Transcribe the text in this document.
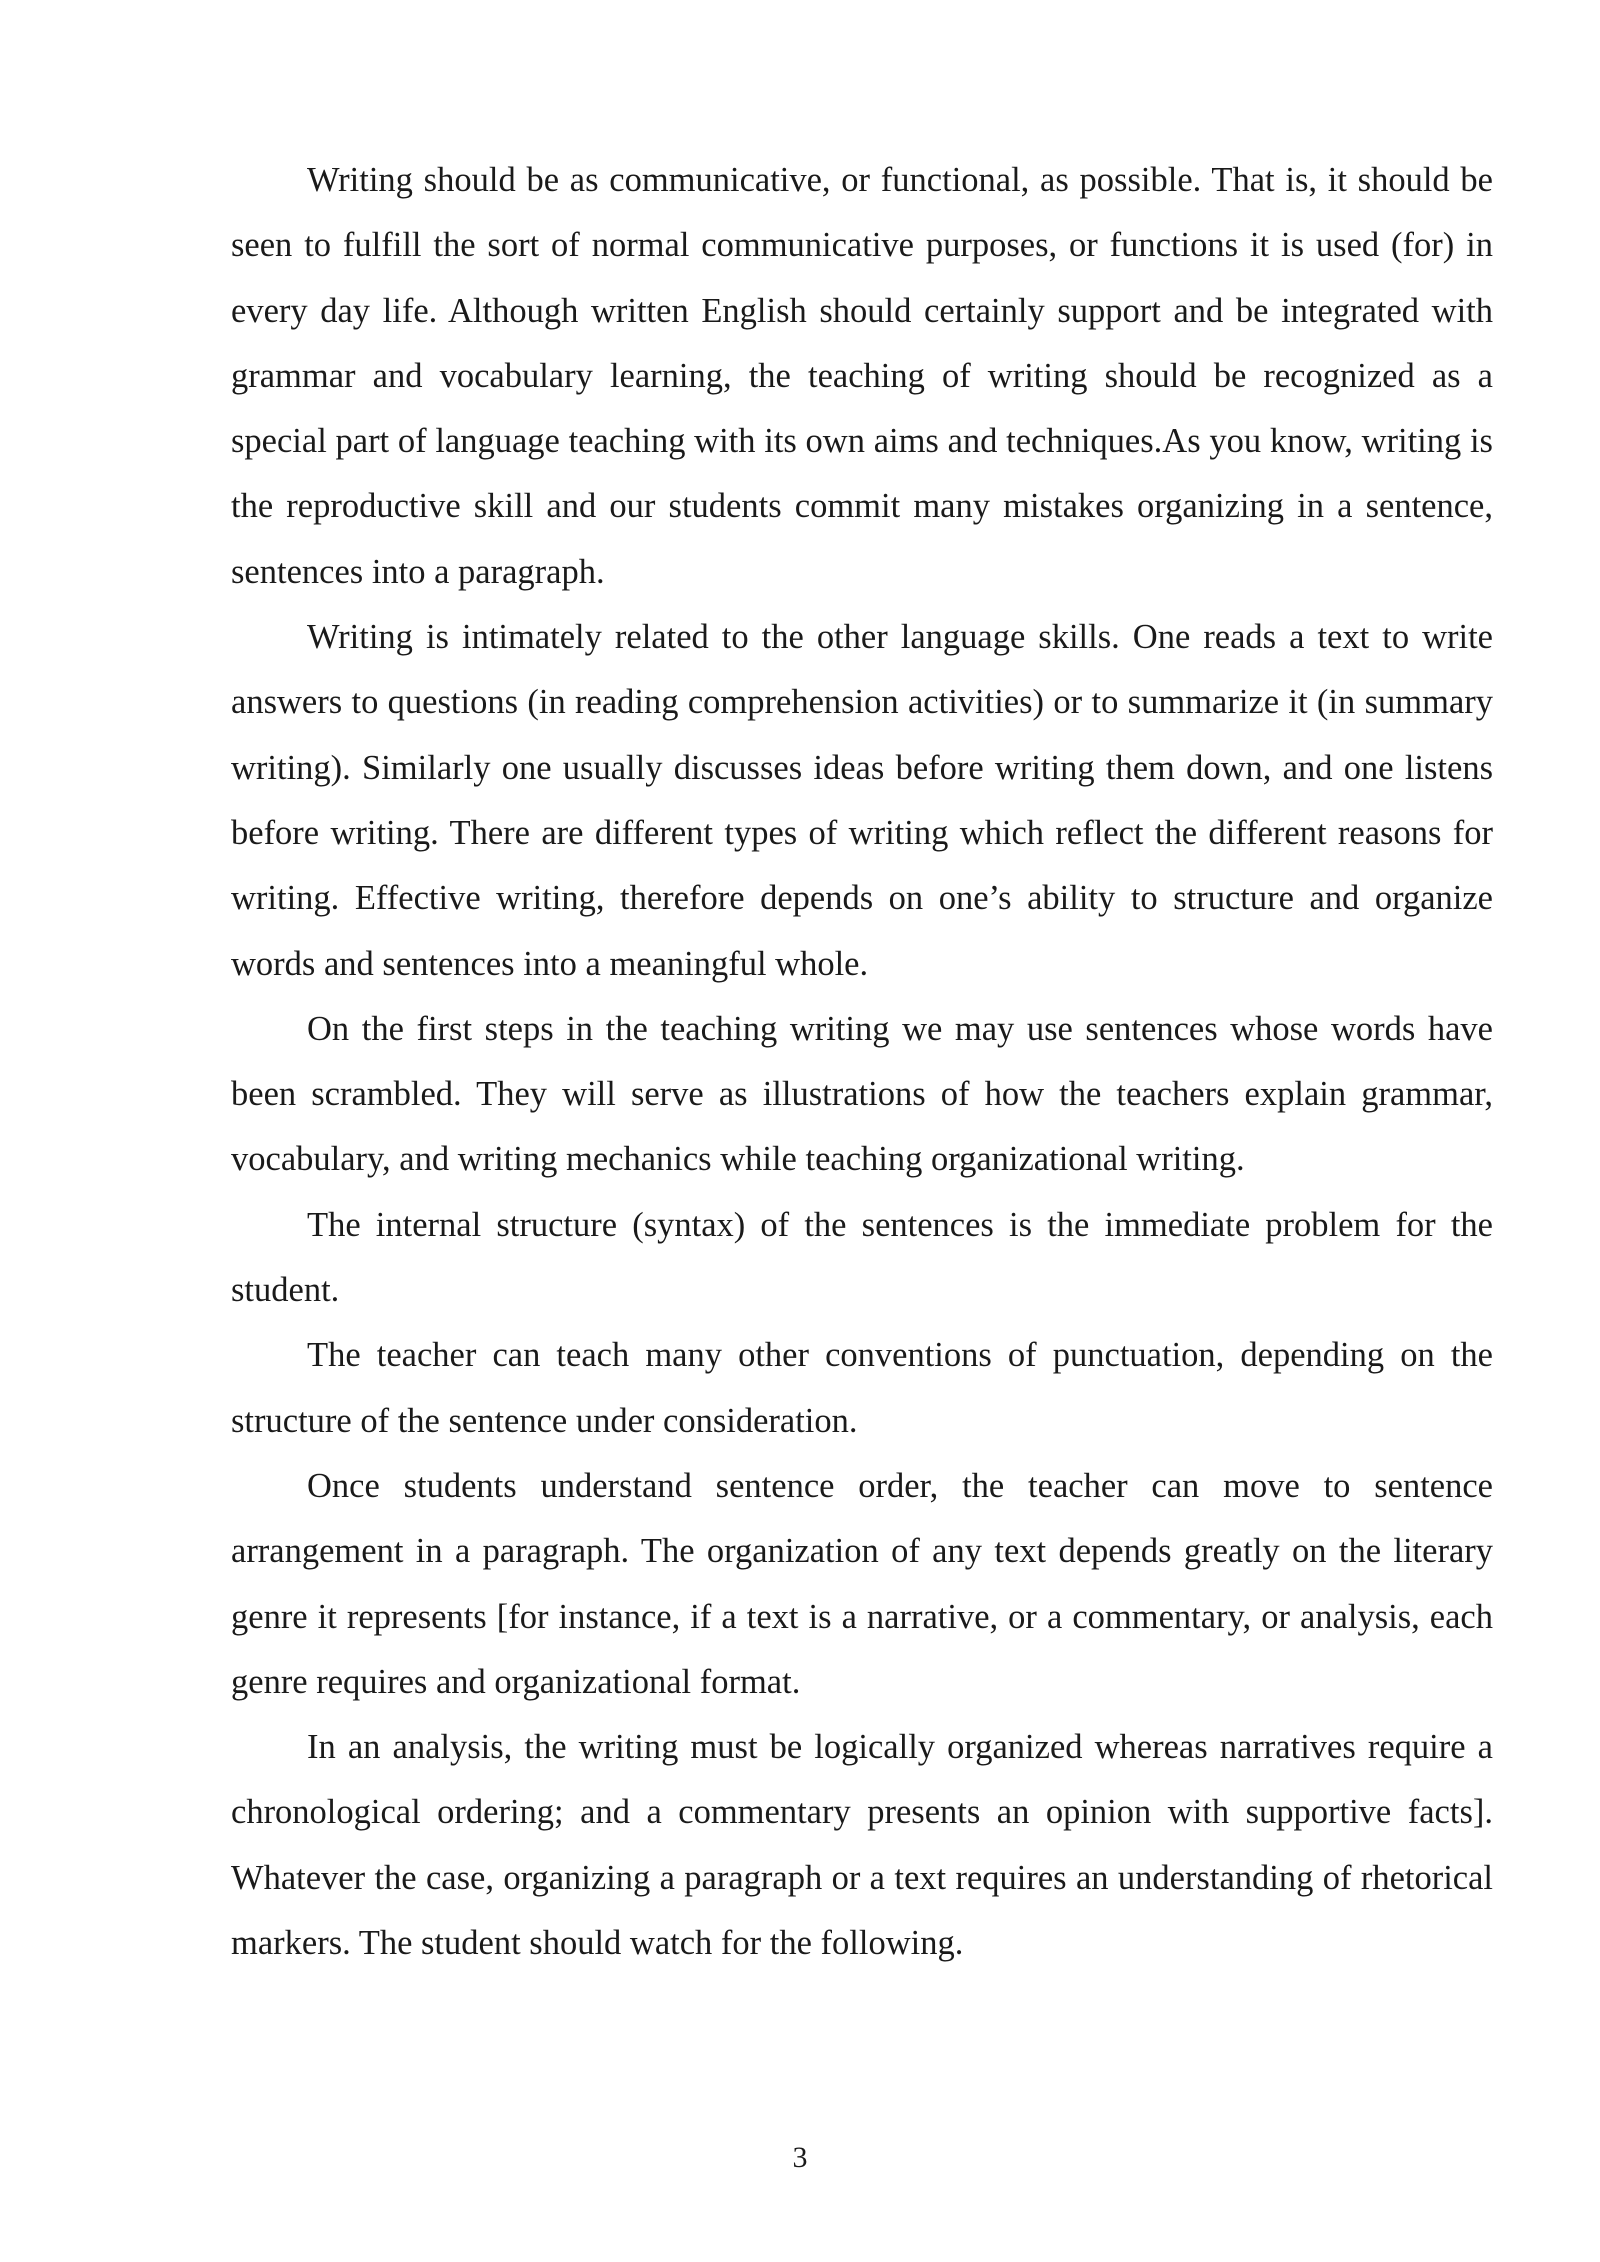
Writing should be as communicative, or functional, as possible. That is, it should be seen to fulfill the sort of normal communicative purposes, or functions it is used (for) in every day life. Although written English should certainly support and be integrated with grammar and vocabulary learning, the teaching of writing should be recognized as a special part of language teaching with its own aims and techniques.As you know, writing is the reproductive skill and our students commit many mistakes organizing in a sentence, sentences into a paragraph.

Writing is intimately related to the other language skills. One reads a text to write answers to questions (in reading comprehension activities) or to summarize it (in summary writing). Similarly one usually discusses ideas before writing them down, and one listens before writing. There are different types of writing which reflect the different reasons for writing. Effective writing, therefore depends on one’s ability to structure and organize words and sentences into a meaningful whole.

On the first steps in the teaching writing we may use sentences whose words have been scrambled. They will serve as illustrations of how the teachers explain grammar, vocabulary, and writing mechanics while teaching organizational writing.

The internal structure (syntax) of the sentences is the immediate problem for the student.

The teacher can teach many other conventions of punctuation, depending on the structure of the sentence under consideration.

Once students understand sentence order, the teacher can move to sentence arrangement in a paragraph. The organization of any text depends greatly on the literary genre it represents [for instance, if a text is a narrative, or a commentary, or analysis, each genre requires and organizational format.

In an analysis, the writing must be logically organized whereas narratives require a chronological ordering; and a commentary presents an opinion with supportive facts]. Whatever the case, organizing a paragraph or a text requires an understanding of rhetorical markers. The student should watch for the following.

3
